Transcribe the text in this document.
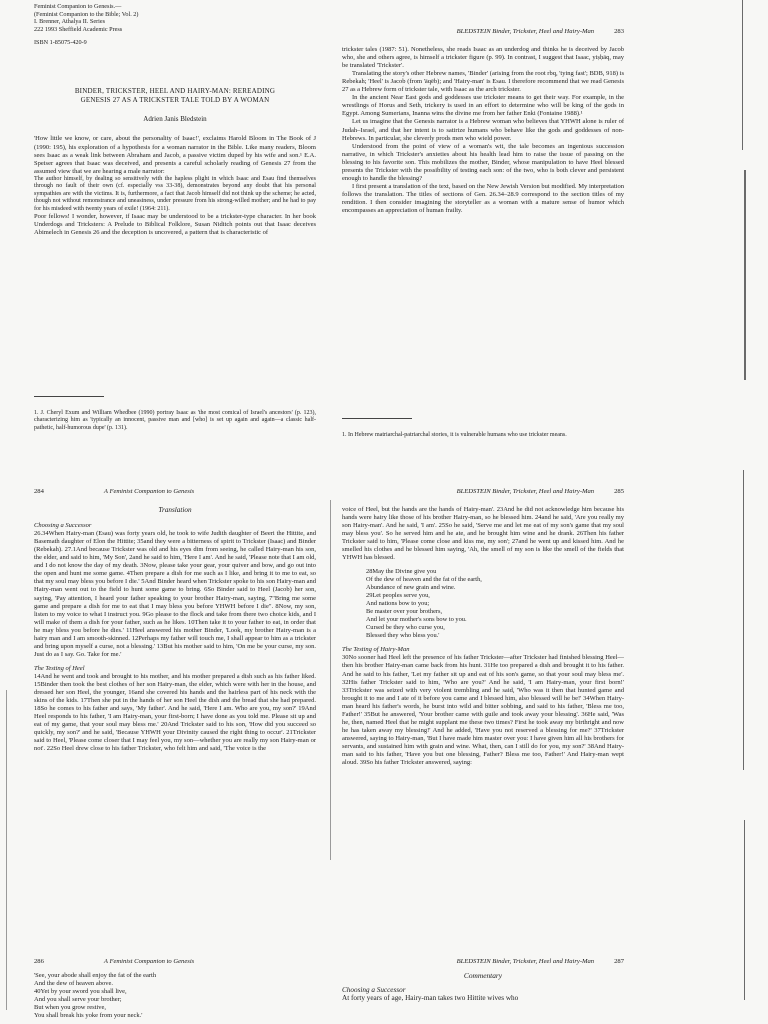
Feminist Companion to Genesis.—
(Feminist Companion to the Bible; Vol. 2)
I. Brenner, Athalya II. Series
222 1993 Sheffield Academic Press
ISBN 1-85075-420-9
BINDER, TRICKSTER, HEEL AND HAIRY-MAN: REREADING GENESIS 27 AS A TRICKSTER TALE TOLD BY A WOMAN
Adrien Janis Bledstein

'How little we know, or care, about the personality of Isaac!', exclaims Harold Bloom in The Book of J (1990: 195), his exploration of a hypothesis for a woman narrator in the Bible. Like many readers, Bloom sees Isaac as a weak link between Abraham and Jacob, a passive victim duped by his wife and son.¹ E.A. Speiser agrees that Isaac was deceived, and presents a careful scholarly reading of Genesis 27 from the assumed view that we are hearing a male narrator:

The author himself, by dealing so sensitively with the hapless plight in which Isaac and Esau find themselves through no fault of their own (cf. especially vss 33-38), demonstrates beyond any doubt that his personal sympathies are with the victims. It is, furthermore, a fact that Jacob himself did not think up the scheme; he acted, though not without remonstrance and uneasiness, under pressure from his strong-willed mother; and he had to pay for his misdeed with twenty years of exile! (1964: 211).

Poor fellows! I wonder, however, if Isaac may be understood to be a trickster-type character. In her book Underdogs and Tricksters: A Prelude to Biblical Folklore, Susan Niditch points out that Isaac deceives Abimelech in Genesis 26 and the deception is uncovered, a pattern that is characteristic of

1. J. Cheryl Exum and William Whedbee (1990) portray Isaac as 'the most comical of Israel's ancestors' (p. 123), characterizing him as 'typically an innocent, passive man and [who] is set up again and again—a classic half-pathetic, half-humorous dupe' (p. 131).

BLEDSTEIN Binder, Trickster, Heel and Hairy-Man	283

trickster tales (1987: 51). Nonetheless, she reads Isaac as an underdog and thinks he is deceived by Jacob who, she and others agree, is himself a trickster figure (p. 99). In contrast, I suggest that Isaac, yiṣḥāq, may be translated 'Trickster'.

Translating the story's other Hebrew names, 'Binder' (arising from the root rbq, 'tying fast'; BDB, 918) is Rebekah; 'Heel' is Jacob (from 'āqēb); and 'Hairy-man' is Esau. I therefore recommend that we read Genesis 27 as a Hebrew form of trickster tale, with Isaac as the arch trickster.

In the ancient Near East gods and goddesses use trickster means to get their way. For example, in the wrestlings of Horus and Seth, trickery is used in an effort to determine who will be king of the gods in Egypt. Among Sumerians, Inanna wins the divine me from her father Enki (Fontaine 1988).¹

Let us imagine that the Genesis narrator is a Hebrew woman who believes that YHWH alone is ruler of Judah–Israel, and that her intent is to satirize humans who behave like the gods and goddesses of non-Hebrews. In particular, she cleverly prods men who wield power.

Understood from the point of view of a woman's wit, the tale becomes an ingenious succession narrative, in which Trickster's anxieties about his health lead him to raise the issue of passing on the blessing to his favorite son. This mobilizes the mother, Binder, whose manipulation to have Heel blessed presents the Trickster with the possibility of testing each son: of the two, who is both clever and persistent enough to handle the blessing?

I first present a translation of the text, based on the New Jewish Version but modified. My interpretation follows the translation. The titles of sections of Gen. 26.34–28.9 correspond to the section titles of my rendition. I then consider imagining the storyteller as a woman with a mature sense of humor which encompasses an appreciation of human frailty.

1. In Hebrew matriarchal-patriarchal stories, it is vulnerable humans who use trickster means.

284	A Feminist Companion to Genesis
Translation
Choosing a Successor

26.34When Hairy-man (Esau) was forty years old, he took to wife Judith daughter of Beeri the Hittite, and Basemath daughter of Elon the Hittite; 35and they were a bitterness of spirit to Trickster (Isaac) and Binder (Rebekah). 27.1And because Trickster was old and his eyes dim from seeing, he called Hairy-man his son, the elder, and said to him, 'My Son', 2and he said to him, 'Here I am'. And he said, 'Please note that I am old, and I do not know the day of my death. 3Now, please take your gear, your quiver and bow, and go out into the open and hunt me some game. 4Then prepare a dish for me such as I like, and bring it to me to eat, so that my soul may bless you before I die.' 5And Binder heard when Trickster spoke to his son Hairy-man and Hairy-man went out to the field to hunt some game to bring. 6So Binder said to Heel (Jacob) her son, saying, 'Pay attention, I heard your father speaking to your brother Hairy-man, saying, 7"Bring me some game and prepare a dish for me to eat that I may bless you before YHWH before I die". 8Now, my son, listen to my voice to what I instruct you. 9Go please to the flock and take from there two choice kids, and I will make of them a dish for your father, such as he likes. 10Then take it to your father to eat, in order that he may bless you before he dies.' 11Heel answered his mother Binder, 'Look, my brother Hairy-man is a hairy man and I am smooth-skinned. 12Perhaps my father will touch me, I shall appear to him as a trickster and bring upon myself a curse, not a blessing.' 13But his mother said to him, 'On me be your curse, my son. Just do as I say. Go. Take for me.'

The Testing of Heel

14And he went and took and brought to his mother, and his mother prepared a dish such as his father liked. 15Binder then took the best clothes of her son Hairy-man, the elder, which were with her in the house, and dressed her son Heel, the younger, 16and she covered his hands and the hairless part of his neck with the skins of the kids. 17Then she put in the hands of her son Heel the dish and the bread that she had prepared. 18So he comes to his father and says, 'My father'. And he said, 'Here I am. Who are you, my son?' 19And Heel responds to his father, 'I am Hairy-man, your first-born; I have done as you told me. Please sit up and eat of my game, that your soul may bless me.' 20And Trickster said to his son, 'How did you succeed so quickly, my son?' and he said, 'Because YHWH your Divinity caused the right thing to occur'. 21Trickster said to Heel, 'Please come closer that I may feel you, my son—whether you are really my son Hairy-man or not'. 22So Heel drew close to his father Trickster, who felt him and said, 'The voice is the

BLEDSTEIN Binder, Trickster, Heel and Hairy-Man	285

voice of Heel, but the hands are the hands of Hairy-man'. 23And he did not acknowledge him because his hands were hairy like those of his brother Hairy-man, so he blessed him. 24and he said, 'Are you really my son Hairy-man'. And he said, 'I am'. 25So he said, 'Serve me and let me eat of my son's game that my soul may bless you'. So he served him and he ate, and he brought him wine and he drank. 26Then his father Trickster said to him, 'Please come close and kiss me, my son'; 27and he went up and kissed him. And he smelled his clothes and he blessed him saying, 'Ah, the smell of my son is like the smell of the fields that YHWH has blessed.

28May the Divine give you
Of the dew of heaven and the fat of the earth,
Abundance of new grain and wine.
29Let peoples serve you,
And nations bow to you;
Be master over your brothers,
And let your mother's sons bow to you.
Cursed be they who curse you,
Blessed they who bless you.'
The Testing of Hairy-Man

30No sooner had Heel left the presence of his father Trickster—after Trickster had finished blessing Heel—then his brother Hairy-man came back from his hunt. 31He too prepared a dish and brought it to his father. And he said to his father, 'Let my father sit up and eat of his son's game, so that your soul may bless me'. 32His father Trickster said to him, 'Who are you?' And he said, 'I am Hairy-man, your first born!' 33Trickster was seized with very violent trembling and he said, 'Who was it then that hunted game and brought it to me and I ate of it before you came and I blessed him, also blessed will he be!' 34When Hairy-man heard his father's words, he burst into wild and bitter sobbing, and said to his father, 'Bless me too, Father!' 35But he answered, 'Your brother came with guile and took away your blessing'. 36He said, 'Was he, then, named Heel that he might supplant me these two times? First he took away my birthright and now he has taken away my blessing!' And he added, 'Have you not reserved a blessing for me?' 37Trickster answered, saying to Hairy-man, 'But I have made him master over you: I have given him all his brothers for servants, and sustained him with grain and wine. What, then, can I still do for you, my son?' 38And Hairy-man said to his father, 'Have you but one blessing, Father? Bless me too, Father!' And Hairy-man wept aloud. 39So his father Trickster answered, saying:

286	A Feminist Companion to Genesis
'See, your abode shall enjoy the fat of the earth
And the dew of heaven above.
40Yet by your sword you shall live,
And you shall serve your brother;
But when you grow restive,
You shall break his yoke from your neck.'
BLEDSTEIN Binder, Trickster, Heel and Hairy-Man	287
Commentary
Choosing a Successor
At forty years of age, Hairy-man takes two Hittite wives who
